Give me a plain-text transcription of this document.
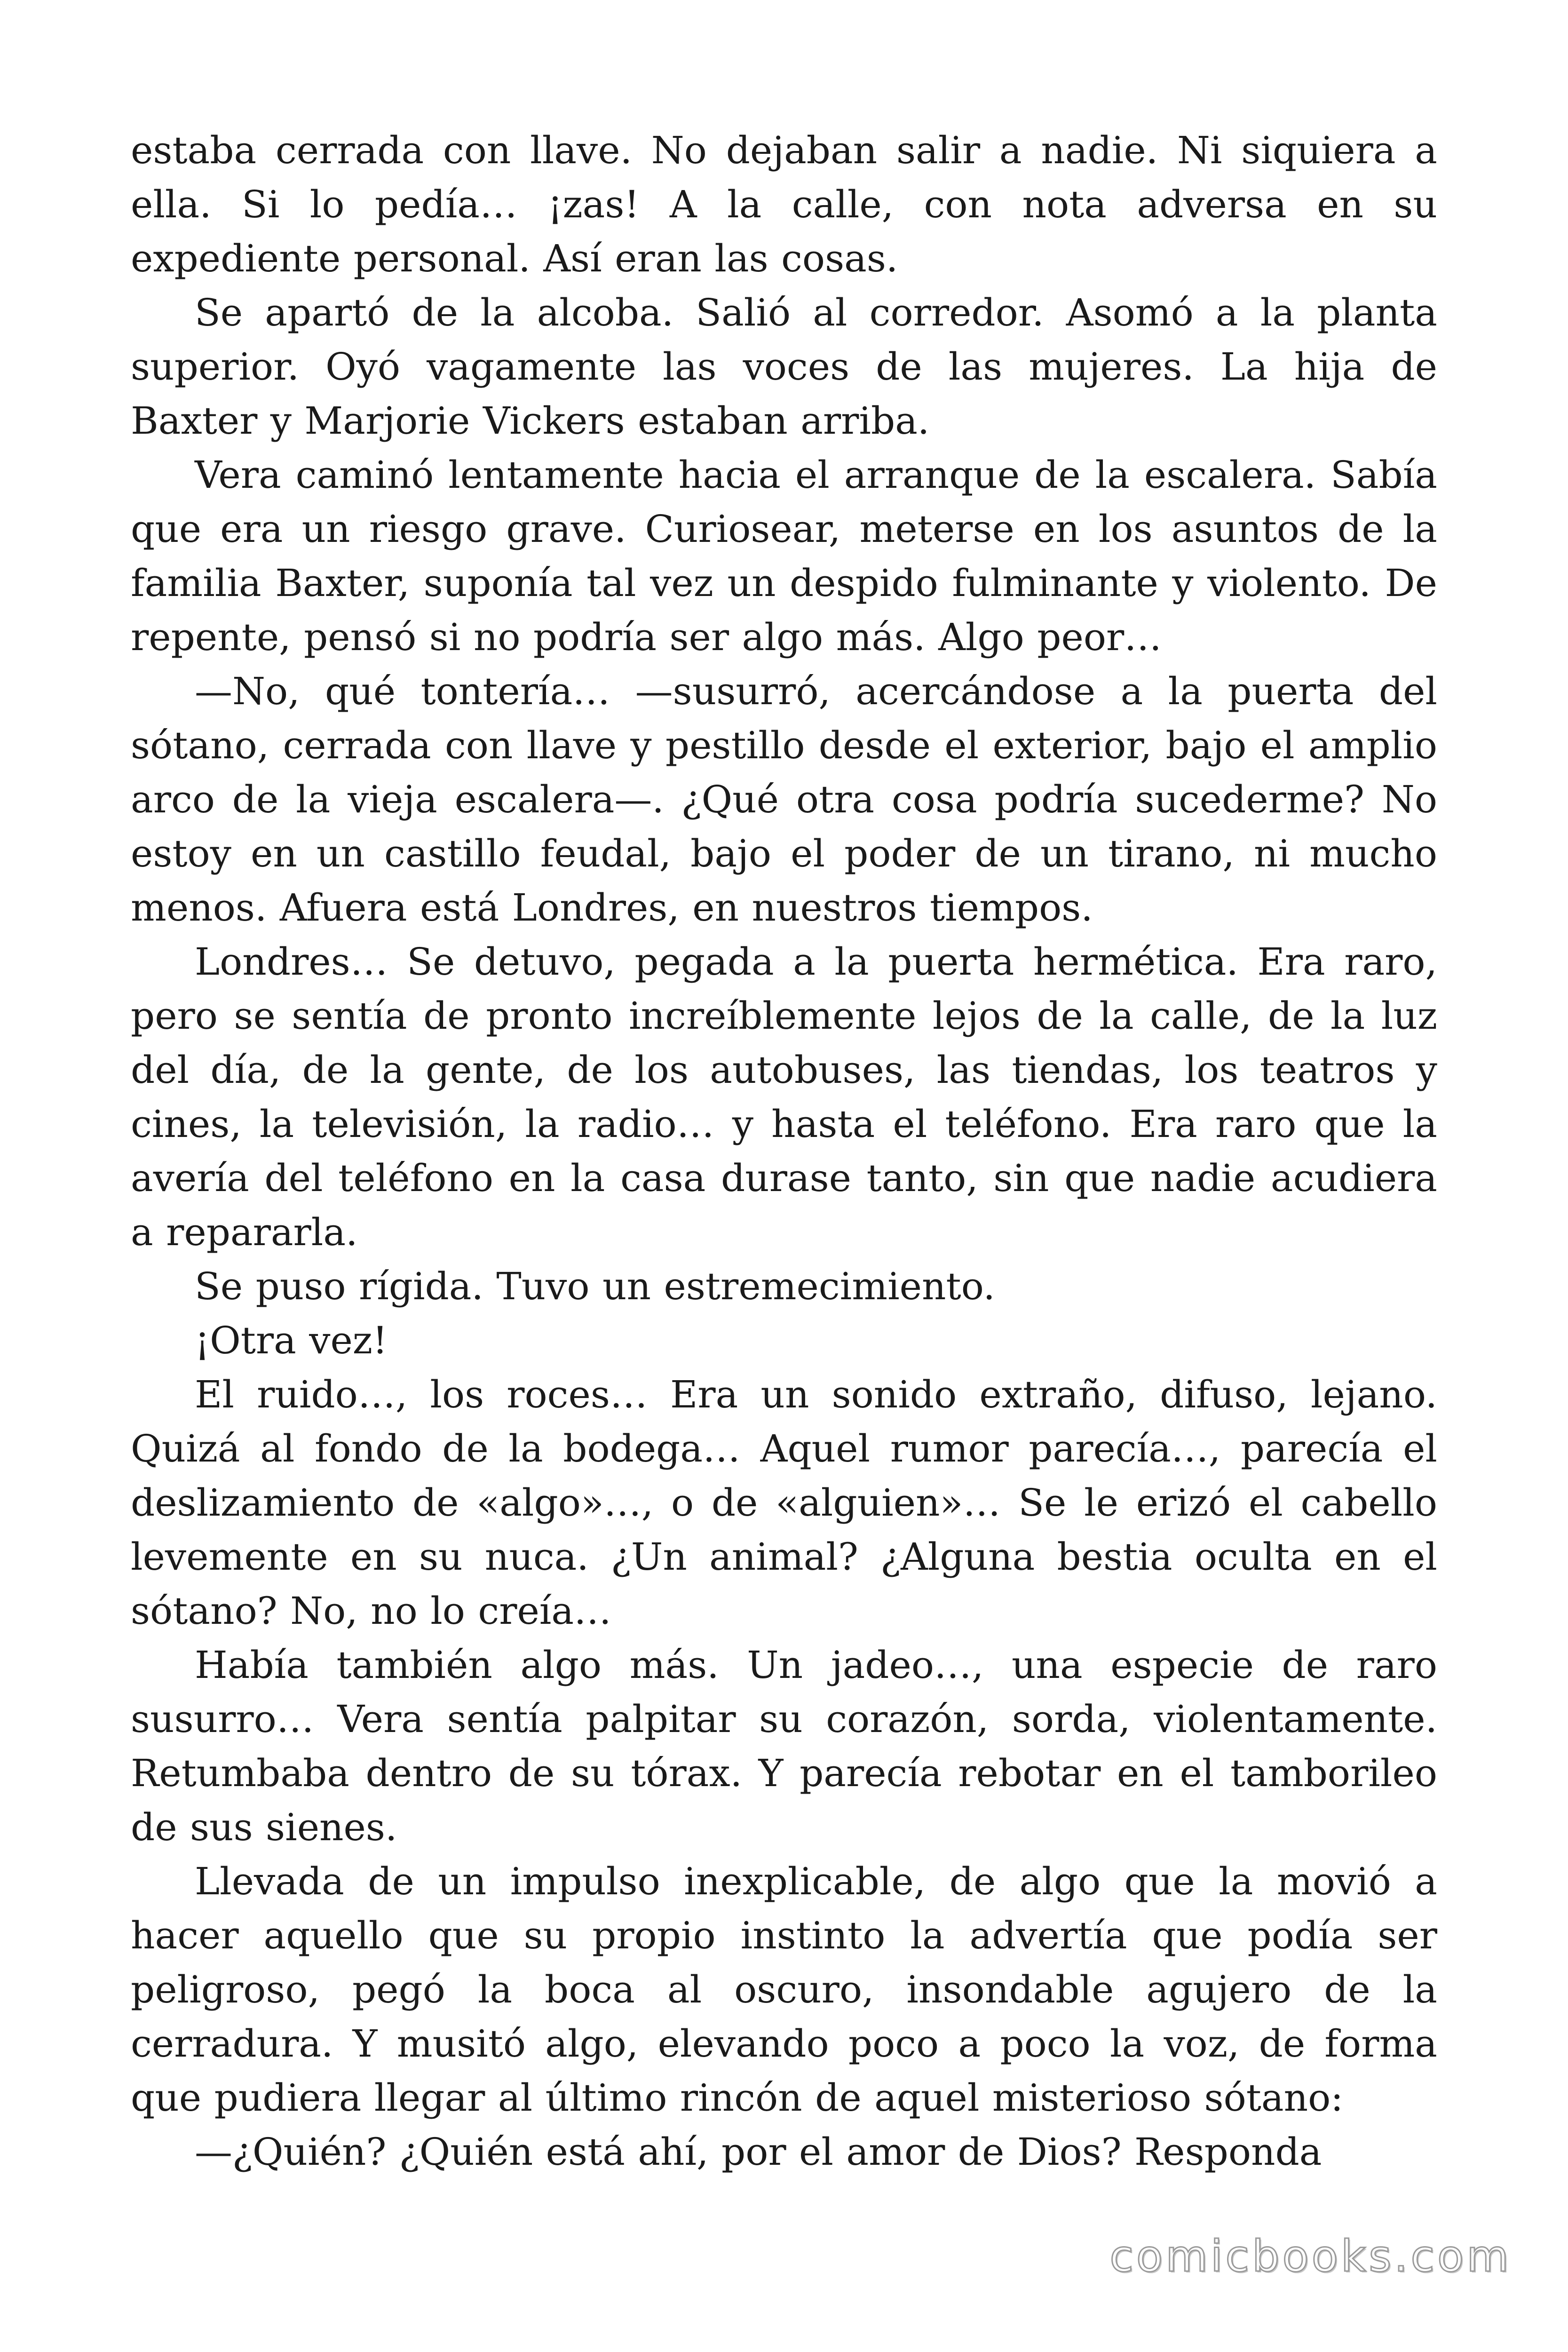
estaba cerrada con llave. No dejaban salir a nadie. Ni siquiera a ella. Si lo pedía… ¡zas! A la calle, con nota adversa en su expediente personal. Así eran las cosas.

Se apartó de la alcoba. Salió al corredor. Asomó a la planta superior. Oyó vagamente las voces de las mujeres. La hija de Baxter y Marjorie Vickers estaban arriba.

Vera caminó lentamente hacia el arranque de la escalera. Sabía que era un riesgo grave. Curiosear, meterse en los asuntos de la familia Baxter, suponía tal vez un despido fulminante y violento. De repente, pensó si no podría ser algo más. Algo peor…

—No, qué tontería… —susurró, acercándose a la puerta del sótano, cerrada con llave y pestillo desde el exterior, bajo el amplio arco de la vieja escalera—. ¿Qué otra cosa podría sucederme? No estoy en un castillo feudal, bajo el poder de un tirano, ni mucho menos. Afuera está Londres, en nuestros tiempos.

Londres… Se detuvo, pegada a la puerta hermética. Era raro, pero se sentía de pronto increíblemente lejos de la calle, de la luz del día, de la gente, de los autobuses, las tiendas, los teatros y cines, la televisión, la radio… y hasta el teléfono. Era raro que la avería del teléfono en la casa durase tanto, sin que nadie acudiera a repararla.

Se puso rígida. Tuvo un estremecimiento.

¡Otra vez!

El ruido…, los roces… Era un sonido extraño, difuso, lejano. Quizá al fondo de la bodega… Aquel rumor parecía…, parecía el deslizamiento de «algo»…, o de «alguien»… Se le erizó el cabello levemente en su nuca. ¿Un animal? ¿Alguna bestia oculta en el sótano? No, no lo creía…

Había también algo más. Un jadeo…, una especie de raro susurro… Vera sentía palpitar su corazón, sorda, violentamente. Retumbaba dentro de su tórax. Y parecía rebotar en el tamborileo de sus sienes.

Llevada de un impulso inexplicable, de algo que la movió a hacer aquello que su propio instinto la advertía que podía ser peligroso, pegó la boca al oscuro, insondable agujero de la cerradura. Y musitó algo, elevando poco a poco la voz, de forma que pudiera llegar al último rincón de aquel misterioso sótano:

—¿Quién? ¿Quién está ahí, por el amor de Dios? Responda

comicbooks.com
